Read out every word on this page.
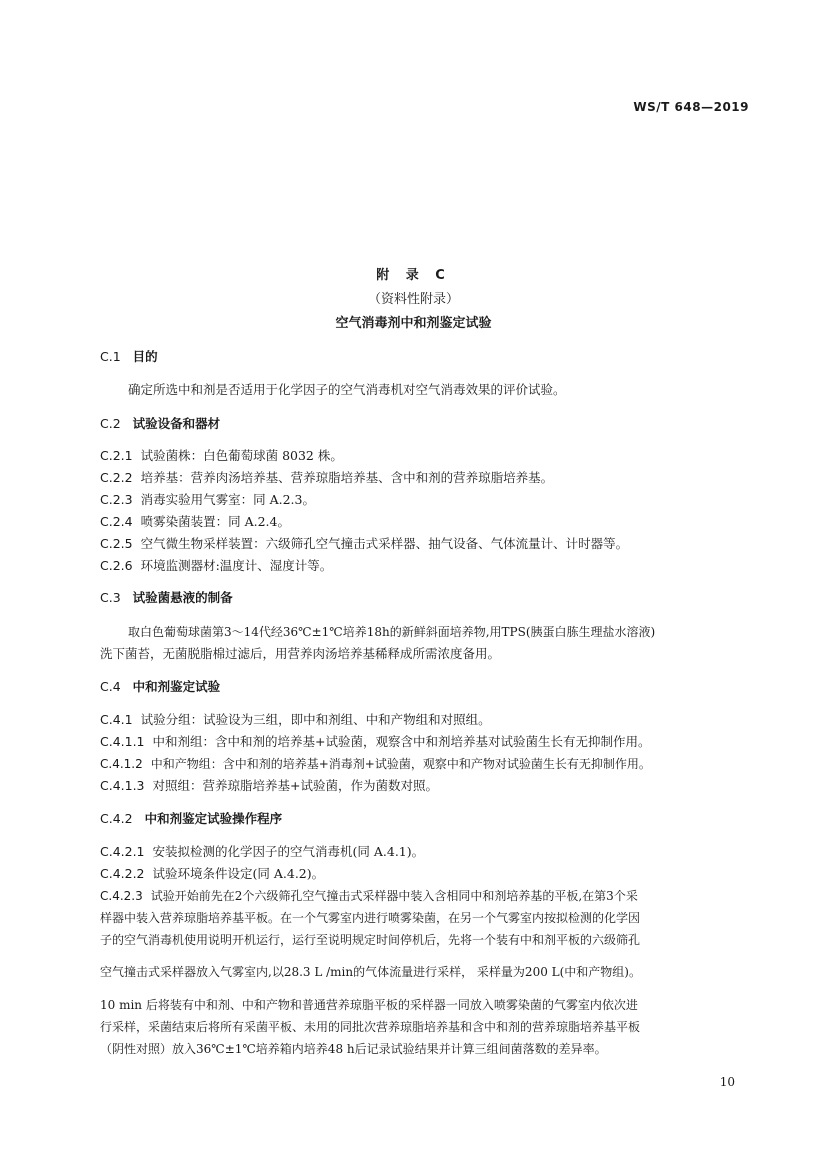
WS/T 648—2019
附 录 C
（资料性附录）
空气消毒剂中和剂鉴定试验
C.1 目的
确定所选中和剂是否适用于化学因子的空气消毒机对空气消毒效果的评价试验。
C.2 试验设备和器材
C.2.1 试验菌株：白色葡萄球菌 8032 株。
C.2.2 培养基：营养肉汤培养基、营养琼脂培养基、含中和剂的营养琼脂培养基。
C.2.3 消毒实验用气雾室：同 A.2.3。
C.2.4 喷雾染菌装置：同 A.2.4。
C.2.5 空气微生物采样装置：六级筛孔空气撞击式采样器、抽气设备、气体流量计、计时器等。
C.2.6 环境监测器材:温度计、湿度计等。
C.3 试验菌悬液的制备
取白色葡萄球菌第3～14代经36℃±1℃培养18h的新鲜斜面培养物,用TPS(胰蛋白胨生理盐水溶液)
洗下菌苔，无菌脱脂棉过滤后，用营养肉汤培养基稀释成所需浓度备用。
C.4 中和剂鉴定试验
C.4.1 试验分组：试验设为三组，即中和剂组、中和产物组和对照组。
C.4.1.1 中和剂组：含中和剂的培养基+试验菌，观察含中和剂培养基对试验菌生长有无抑制作用。
C.4.1.2 中和产物组：含中和剂的培养基+消毒剂+试验菌，观察中和产物对试验菌生长有无抑制作用。
C.4.1.3 对照组：营养琼脂培养基+试验菌，作为菌数对照。
C.4.2 中和剂鉴定试验操作程序
C.4.2.1 安装拟检测的化学因子的空气消毒机(同 A.4.1)。
C.4.2.2 试验环境条件设定(同 A.4.2)。
C.4.2.3 试验开始前先在2个六级筛孔空气撞击式采样器中装入含相同中和剂培养基的平板,在第3个采
样器中装入营养琼脂培养基平板。在一个气雾室内进行喷雾染菌，在另一个气雾室内按拟检测的化学因
子的空气消毒机使用说明开机运行，运行至说明规定时间停机后，先将一个装有中和剂平板的六级筛孔
空气撞击式采样器放入气雾室内,以28.3 L /min的气体流量进行采样， 采样量为200 L(中和产物组)。
10 min 后将装有中和剂、中和产物和普通营养琼脂平板的采样器一同放入喷雾染菌的气雾室内依次进
行采样，采菌结束后将所有采菌平板、未用的同批次营养琼脂培养基和含中和剂的营养琼脂培养基平板
（阴性对照）放入36℃±1℃培养箱内培养48 h后记录试验结果并计算三组间菌落数的差异率。
10
